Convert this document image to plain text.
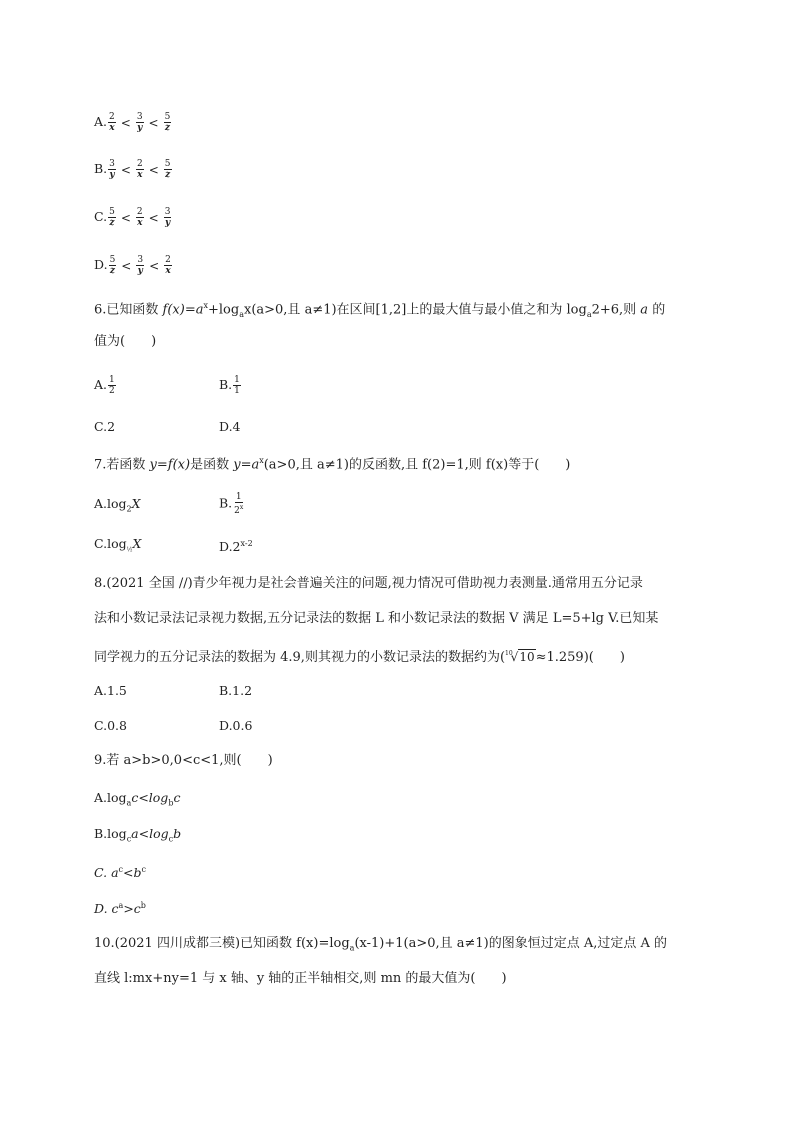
A. $\frac{2}{x} < \frac{3}{y} < \frac{5}{z}$
B. $\frac{3}{y} < \frac{2}{x} < \frac{5}{z}$
C. $\frac{5}{z} < \frac{2}{x} < \frac{3}{y}$
D. $\frac{5}{z} < \frac{3}{y} < \frac{2}{x}$
6.已知函数 $f(x)=a^x+\log_ax(a>0$,且 a≠1)在区间[1,2]上的最大值与最小值之和为 $\log_a2+6$,则 a 的
值为(　　)
A. $\frac{1}{2}$	B. $\frac{1}{1}$
C.2	D.4
7.若函数 y=f(x)是函数 $y=a^x(a>0$,且 a≠1)的反函数,且 f(2)=1,则 f(x)等于(　　)
$A.\log_2X$	B. $\frac{1}{2^x}$
$C.\log_{\frac{1}{2}}X$	D.2$^{x-2}$
8.(2021 全国 //)青少年视力是社会普遍关注的问题,视力情况可借助视力表测量.通常用五分记录
法和小数记录法记录视力数据,五分记录法的数据 L 和小数记录法的数据 V 满足 L=5+lg V.已知某
同学视力的五分记录法的数据为 4.9,则其视力的小数记录法的数据约为($^{10}$√10≈1.259)(　　)
A.1.5	B.1.2
C.0.8	D.0.6
9.若 a>b>0,0<c<1,则(　　)
$A.\log_ac<\log_bc$
$B.\log_ca<\log_cb$
C. $a^c<b^c$
D. $c^a>c^b$
10.(2021 四川成都三模)已知函数 $f(x)=\log_a(x-1)+1(a>0$,且 a≠1)的图象恒过定点 A,过定点 A 的
直线 l:mx+ny=1 与 x 轴、y 轴的正半轴相交,则 mn 的最大值为(　　)
